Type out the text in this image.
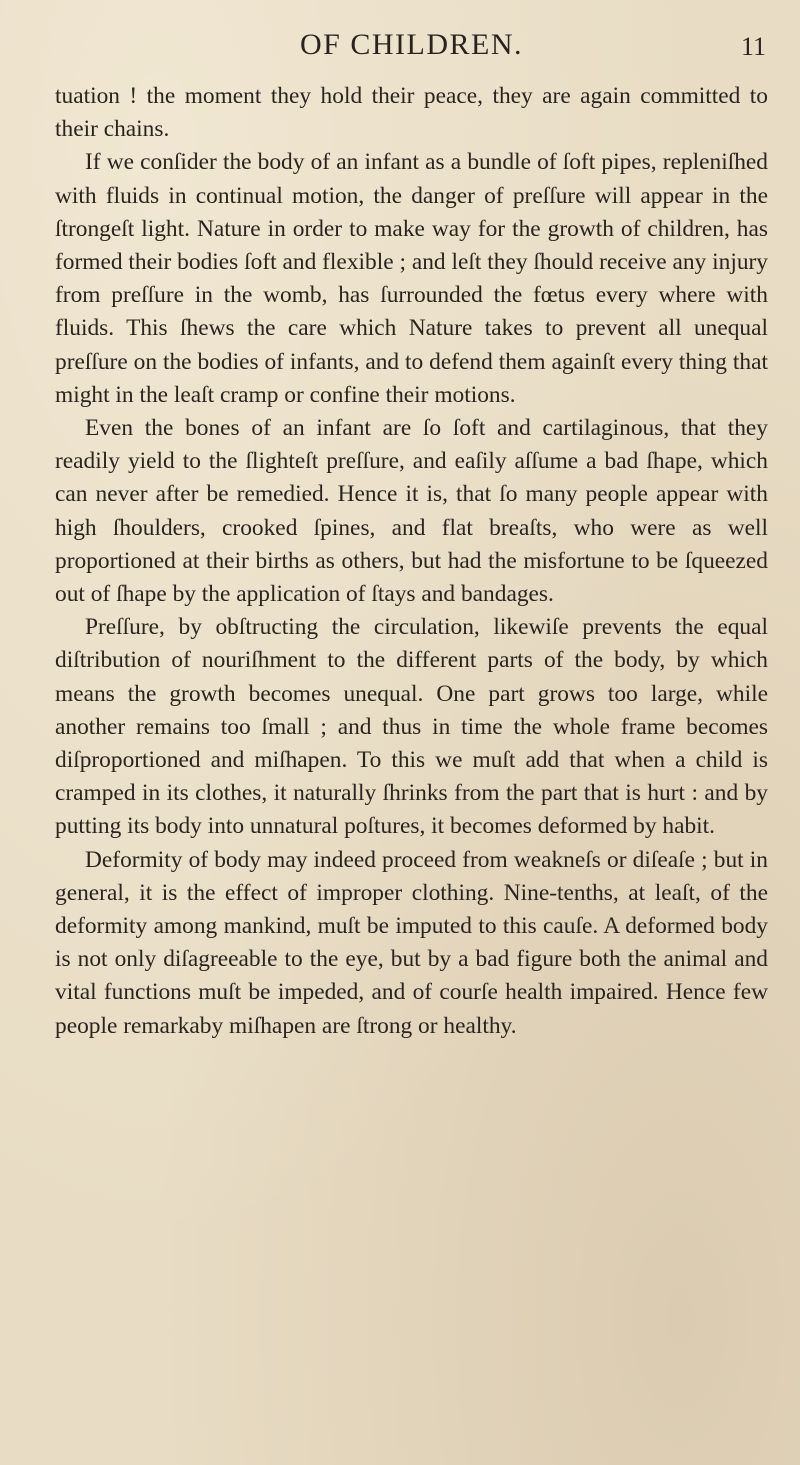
OF CHILDREN.	11

tuation ! the moment they hold their peace, they are again committed to their chains.

If we conſider the body of an infant as a bundle of ſoft pipes, repleniſhed with fluids in continual motion, the danger of preſſure will appear in the ſtrongeſt light. Nature in order to make way for the growth of children, has formed their bodies ſoft and flexible ; and leſt they ſhould receive any injury from preſſure in the womb, has ſurrounded the fœtus every where with fluids. This ſhews the care which Nature takes to prevent all unequal preſſure on the bodies of infants, and to defend them againſt every thing that might in the leaſt cramp or confine their motions.

Even the bones of an infant are ſo ſoft and cartilaginous, that they readily yield to the ſlighteſt preſſure, and eaſily aſſume a bad ſhape, which can never after be remedied. Hence it is, that ſo many people appear with high ſhoulders, crooked ſpines, and flat breaſts, who were as well proportioned at their births as others, but had the misfortune to be ſqueezed out of ſhape by the application of ſtays and bandages.

Preſſure, by obſtructing the circulation, likewiſe prevents the equal diſtribution of nouriſhment to the different parts of the body, by which means the growth becomes unequal. One part grows too large, while another remains too ſmall ; and thus in time the whole frame becomes diſproportioned and miſhapen. To this we muſt add that when a child is cramped in its clothes, it naturally ſhrinks from the part that is hurt : and by putting its body into unnatural poſtures, it becomes deformed by habit.

Deformity of body may indeed proceed from weakneſs or diſeaſe ; but in general, it is the effect of improper clothing. Nine-tenths, at leaſt, of the deformity among mankind, muſt be imputed to this cauſe. A deformed body is not only diſagreeable to the eye, but by a bad figure both the animal and vital functions muſt be impeded, and of courſe health impaired. Hence few people remarkaby miſhapen are ſtrong or healthy.
